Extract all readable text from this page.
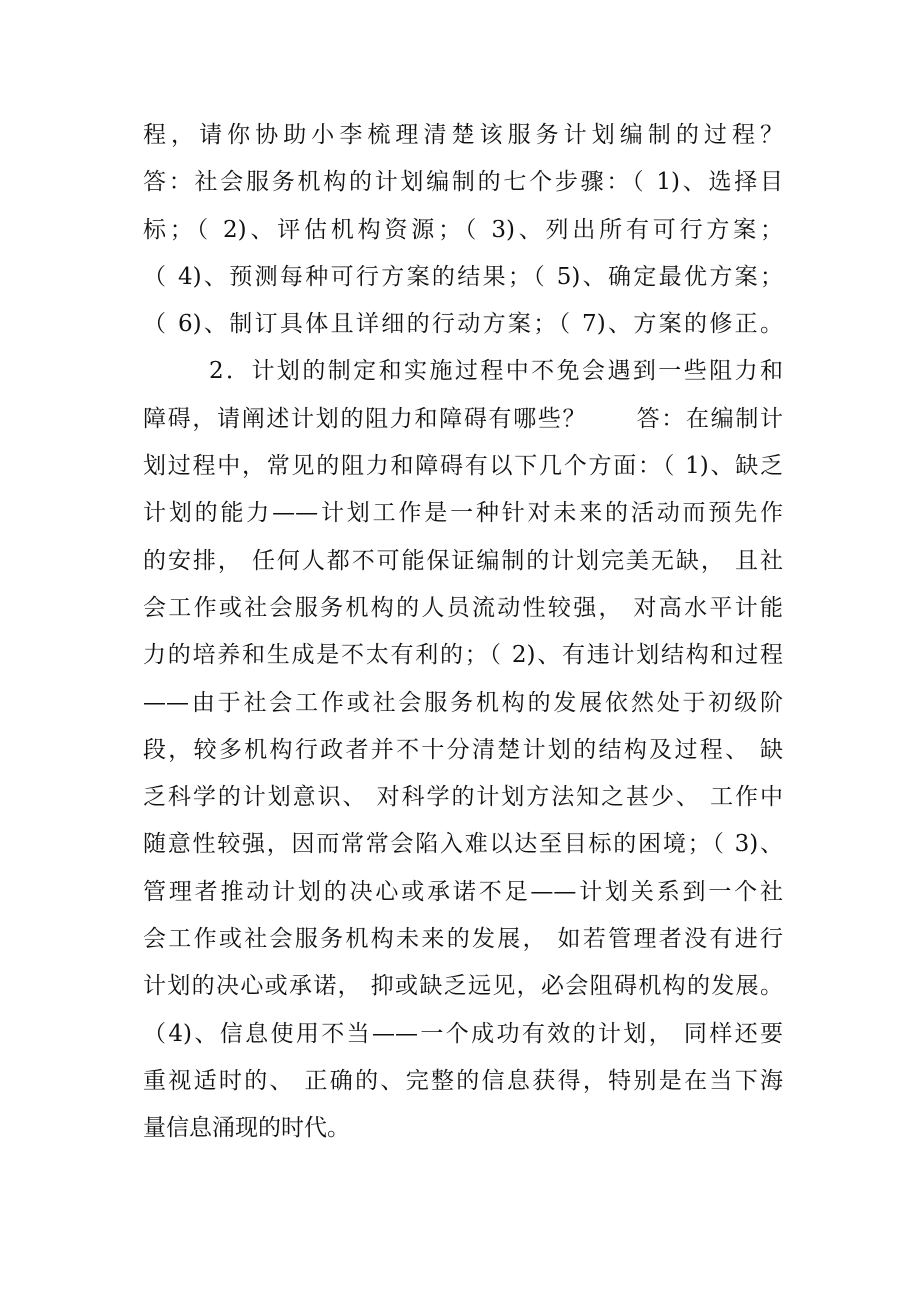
程，请你协助小李梳理清楚该服务计划编制的过程？
答：社会服务机构的计划编制的七个步骤：（ 1)、选择目
标；（ 2)、评估机构资源；（ 3)、列出所有可行方案；
（ 4)、预测每种可行方案的结果；（ 5)、确定最优方案；
（ 6)、制订具体且详细的行动方案；（ 7)、方案的修正。
2．计划的制定和实施过程中不免会遇到一些阻力和
障碍，请阐述计划的阻力和障碍有哪些？　　答：在编制计
划过程中，常见的阻力和障碍有以下几个方面：（ 1)、缺乏
计划的能力——计划工作是一种针对未来的活动而预先作
的安排， 任何人都不可能保证编制的计划完美无缺， 且社
会工作或社会服务机构的人员流动性较强， 对高水平计能
力的培养和生成是不太有利的；（ 2)、有违计划结构和过程
——由于社会工作或社会服务机构的发展依然处于初级阶
段，较多机构行政者并不十分清楚计划的结构及过程、 缺
乏科学的计划意识、 对科学的计划方法知之甚少、 工作中
随意性较强，因而常常会陷入难以达至目标的困境；（ 3)、
管理者推动计划的决心或承诺不足——计划关系到一个社
会工作或社会服务机构未来的发展， 如若管理者没有进行
计划的决心或承诺， 抑或缺乏远见，必会阻碍机构的发展。
（4)、信息使用不当——一个成功有效的计划， 同样还要
重视适时的、 正确的、完整的信息获得，特别是在当下海
量信息涌现的时代。
